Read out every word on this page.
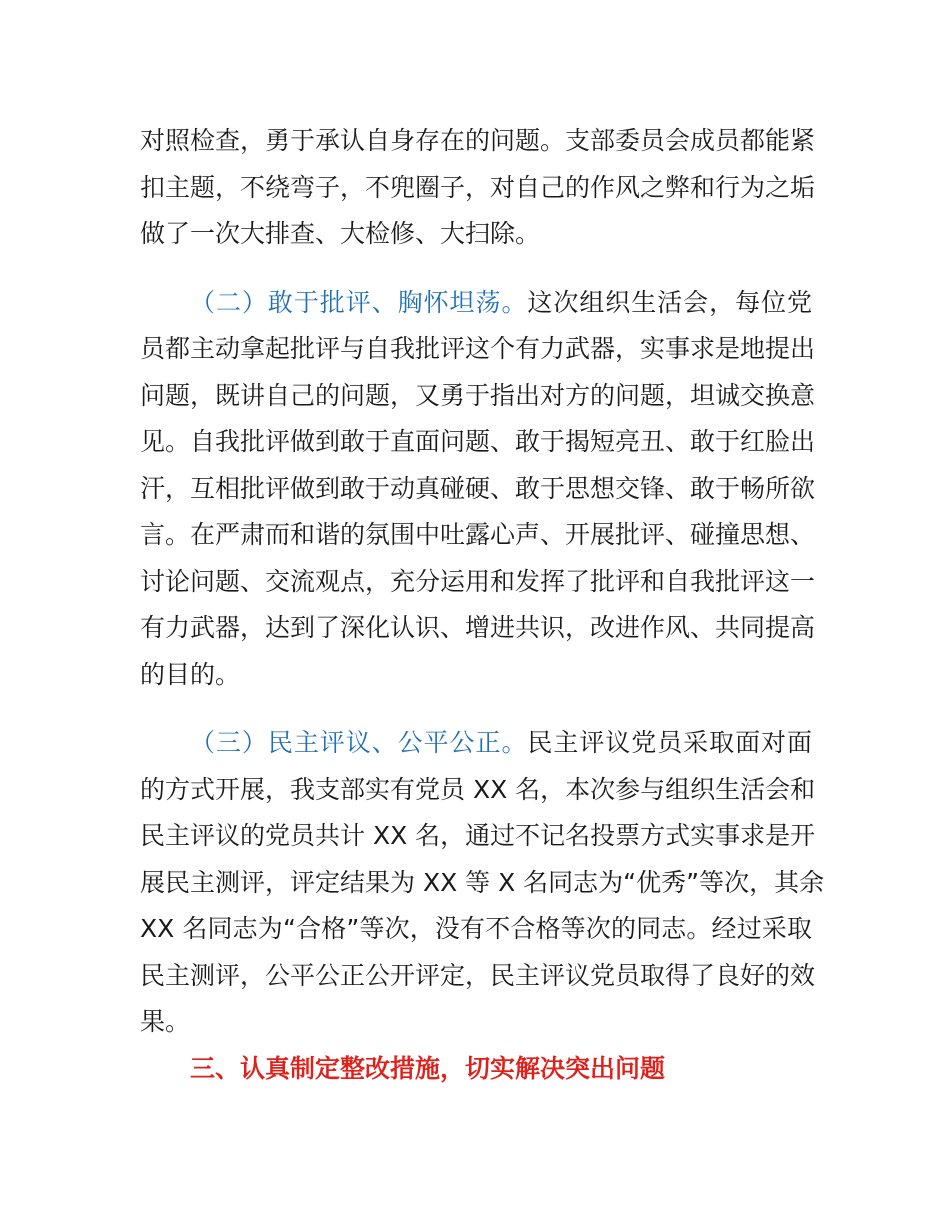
对照检查，勇于承认自身存在的问题。支部委员会成员都能紧
扣主题，不绕弯子，不兜圈子，对自己的作风之弊和行为之垢
做了一次大排查、大检修、大扫除。

（二）敢于批评、胸怀坦荡。这次组织生活会，每位党
员都主动拿起批评与自我批评这个有力武器，实事求是地提出
问题，既讲自己的问题，又勇于指出对方的问题，坦诚交换意
见。自我批评做到敢于直面问题、敢于揭短亮丑、敢于红脸出
汗，互相批评做到敢于动真碰硬、敢于思想交锋、敢于畅所欲
言。在严肃而和谐的氛围中吐露心声、开展批评、碰撞思想、
讨论问题、交流观点，充分运用和发挥了批评和自我批评这一
有力武器，达到了深化认识、增进共识，改进作风、共同提高
的目的。

（三）民主评议、公平公正。民主评议党员采取面对面
的方式开展，我支部实有党员 XX 名，本次参与组织生活会和
民主评议的党员共计 XX 名，通过不记名投票方式实事求是开
展民主测评，评定结果为 XX 等 X 名同志为“优秀”等次，其余
XX 名同志为“合格”等次，没有不合格等次的同志。经过采取
民主测评，公平公正公开评定，民主评议党员取得了良好的效
果。

三、认真制定整改措施，切实解决突出问题
